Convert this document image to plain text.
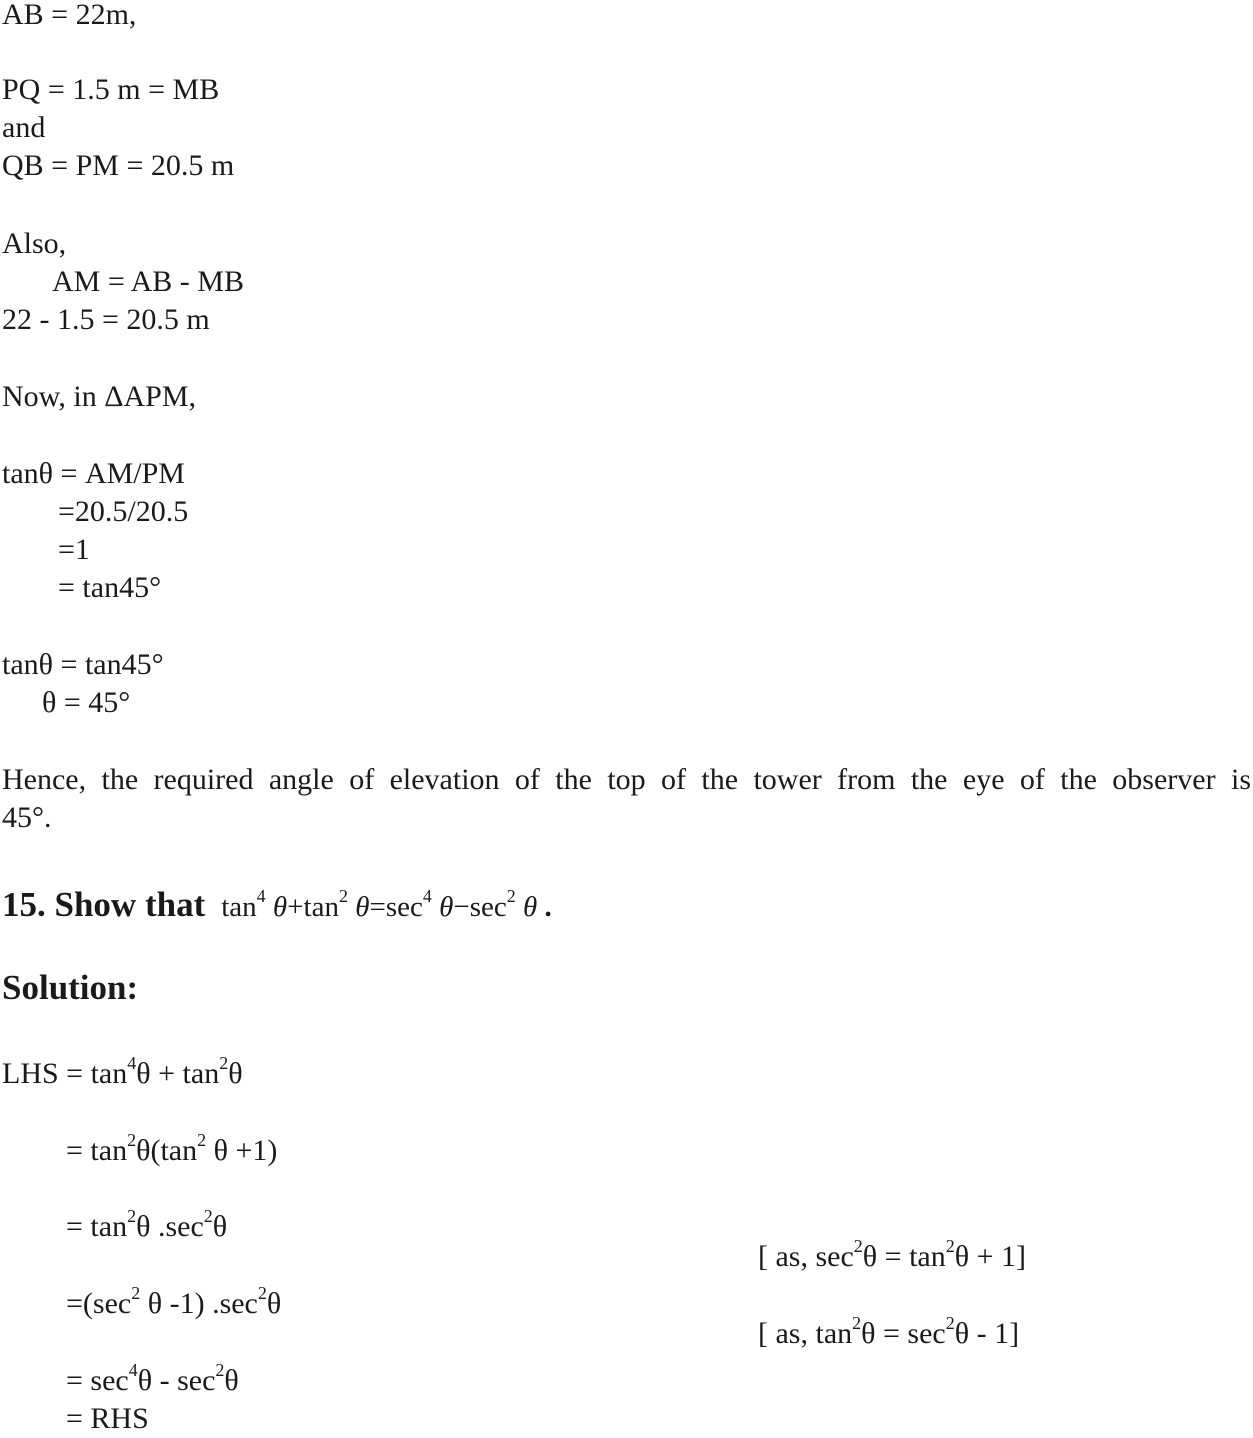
AB = 22m,

PQ = 1.5 m = MB

and

QB = PM = 20.5 m

Also,

AM = AB - MB

22 - 1.5 = 20.5 m

Now, in ΔAPM,

tanθ = AM/PM

=20.5/20.5

=1

= tan45°

tanθ = tan45°

θ = 45°

Hence, the required angle of elevation of the top of the tower from the eye of the observer is

45°.

15. Show that $\tan^4 \theta+\tan^2$ $\theta=\sec^4$ $\theta-\sec^2$ θ .

Solution:

LHS = $\tan^4\theta + \tan^2\theta$

= $\tan^2\theta(\tan^2$ θ +1)

= $\tan^2\theta$ $.\sec^2\theta$

[ as, $\sec^2\theta = \tan^2\theta + 1$]

$=(\sec^2$ θ -1) $.\sec^2\theta$

[ as, $\tan^2\theta = \sec^2\theta - 1$]

= $\sec^4\theta - \sec^2\theta$

= RHS
